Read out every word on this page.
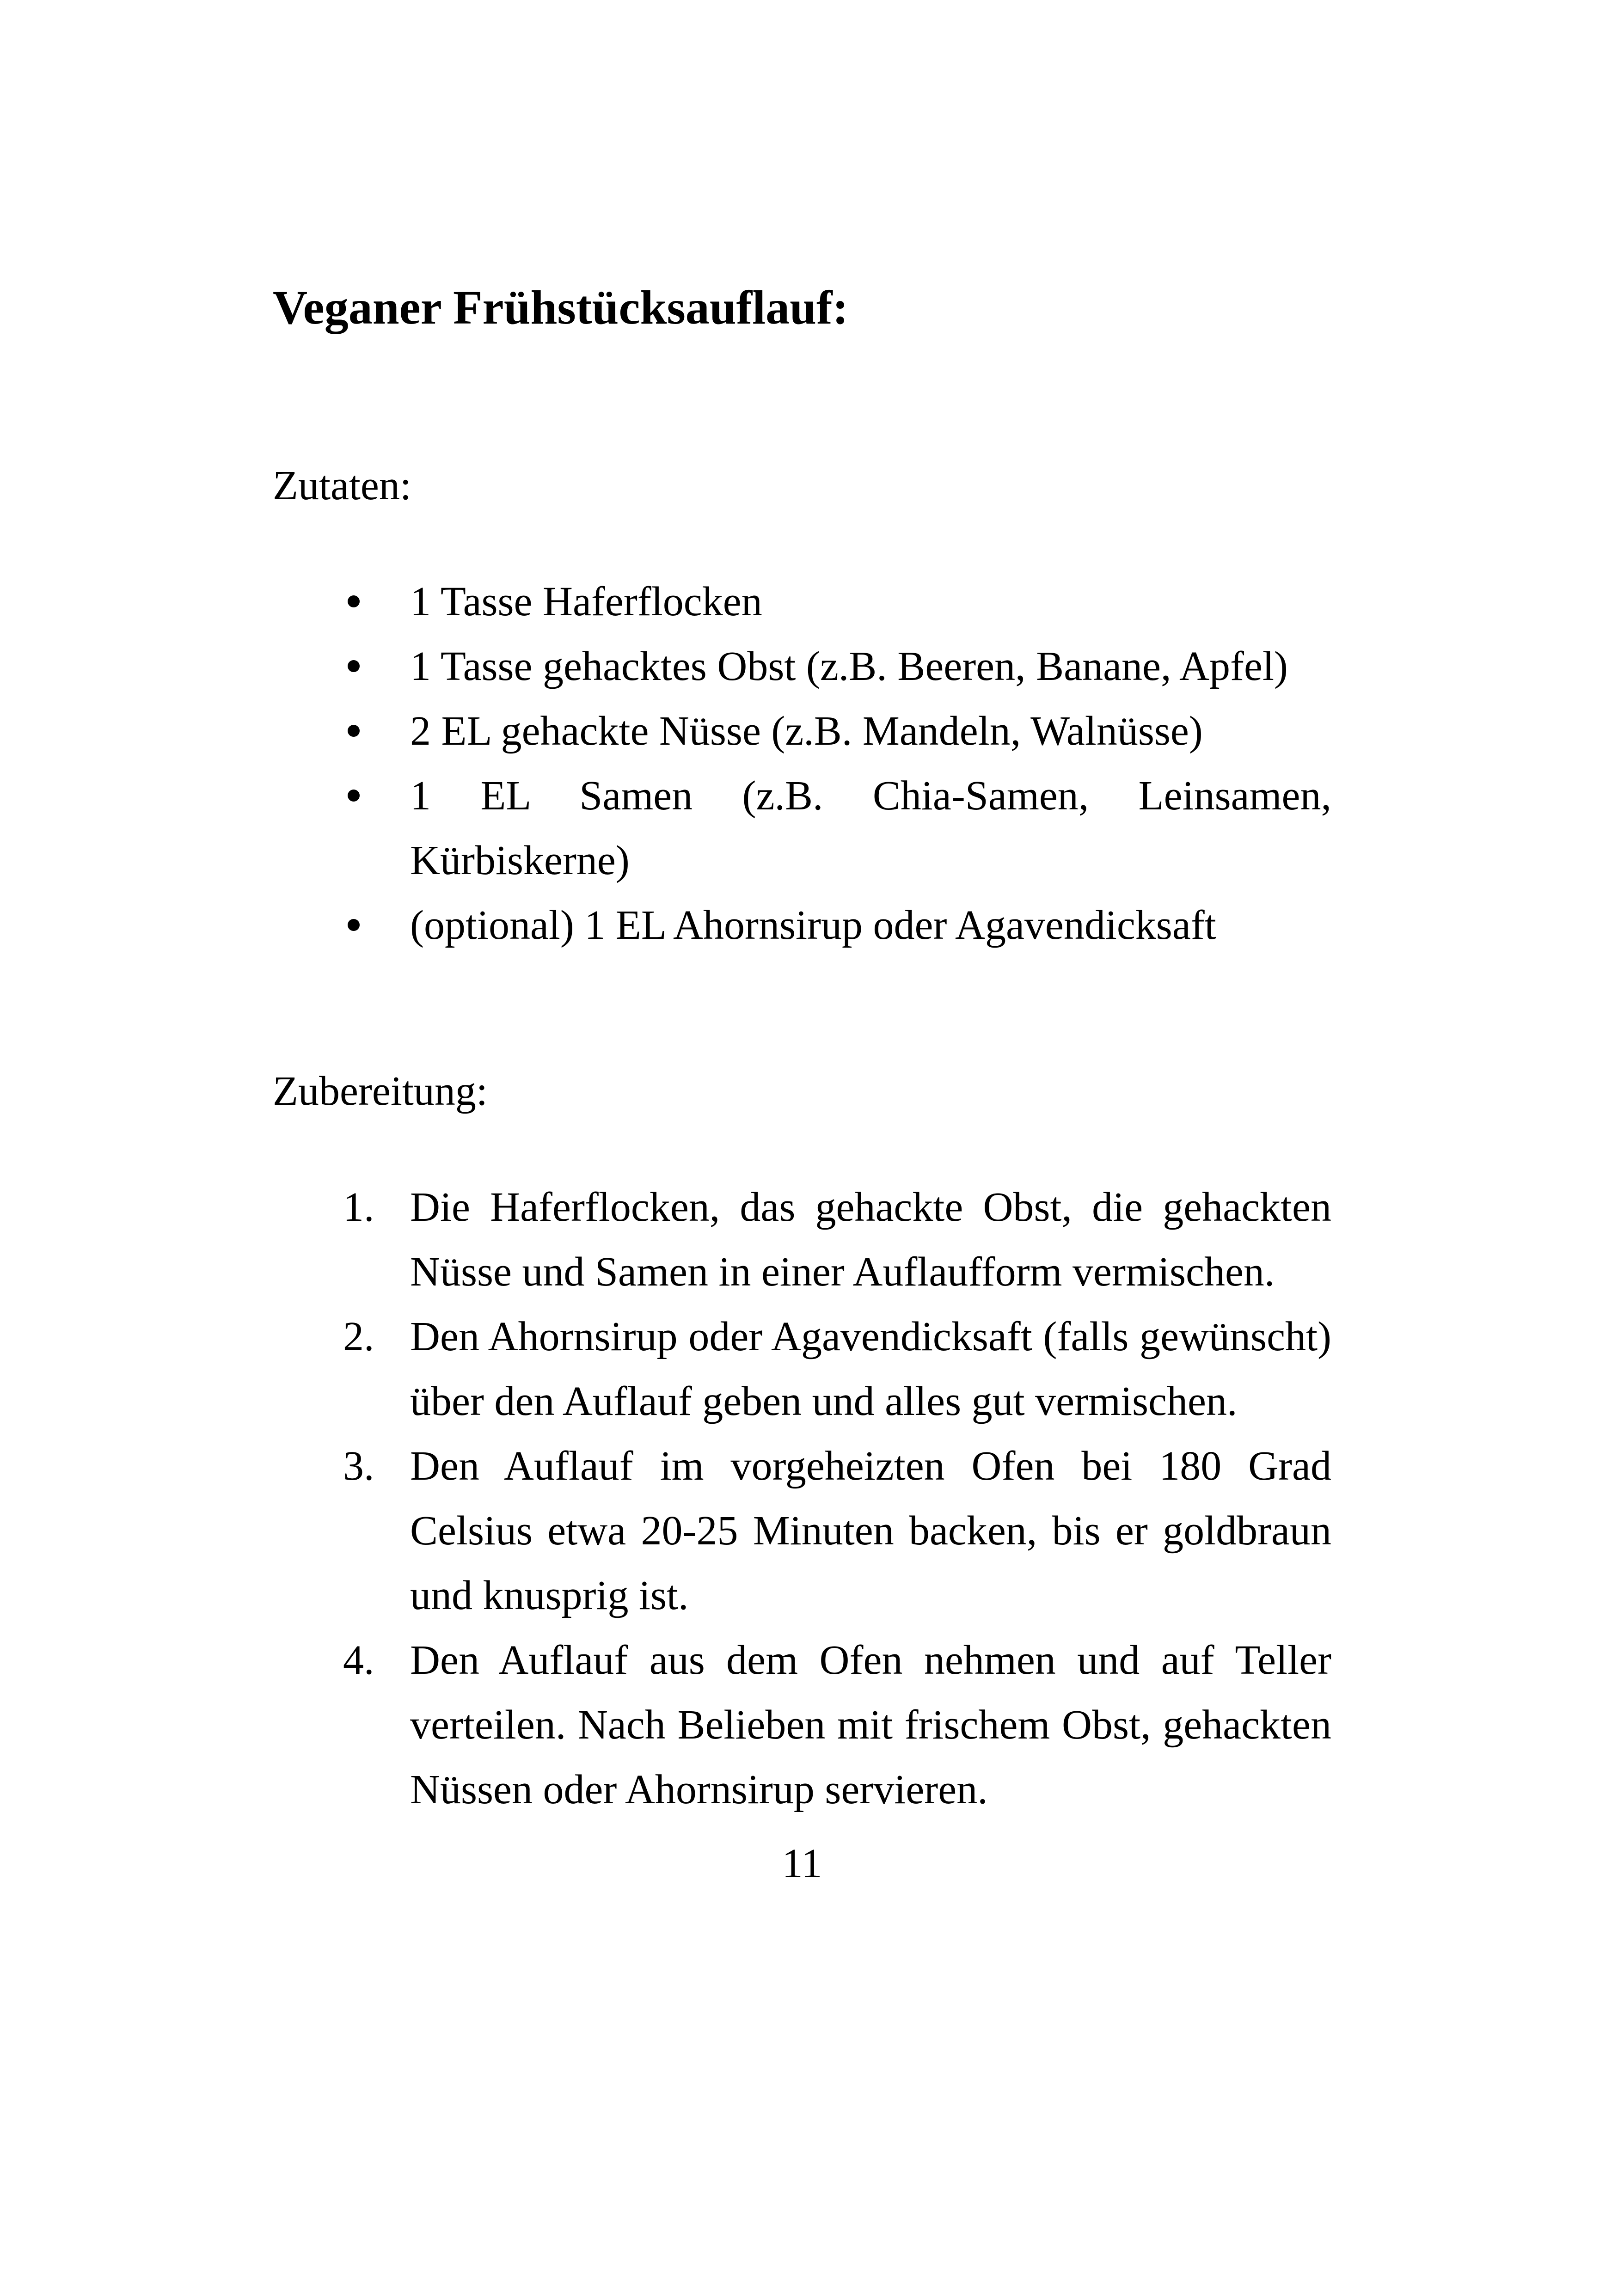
Veganer Frühstücksauflauf:
Zutaten:
1 Tasse Haferflocken
1 Tasse gehacktes Obst (z.B. Beeren, Banane, Apfel)
2 EL gehackte Nüsse (z.B. Mandeln, Walnüsse)
1 EL Samen (z.B. Chia-Samen, Leinsamen, Kürbiskerne)
(optional) 1 EL Ahornsirup oder Agavendicksaft
Zubereitung:
1. Die Haferflocken, das gehackte Obst, die gehackten Nüsse und Samen in einer Auflaufform vermischen.
2. Den Ahornsirup oder Agavendicksaft (falls gewünscht) über den Auflauf geben und alles gut vermischen.
3. Den Auflauf im vorgeheizten Ofen bei 180 Grad Celsius etwa 20-25 Minuten backen, bis er goldbraun und knusprig ist.
4. Den Auflauf aus dem Ofen nehmen und auf Teller verteilen. Nach Belieben mit frischem Obst, gehackten Nüssen oder Ahornsirup servieren.
11
